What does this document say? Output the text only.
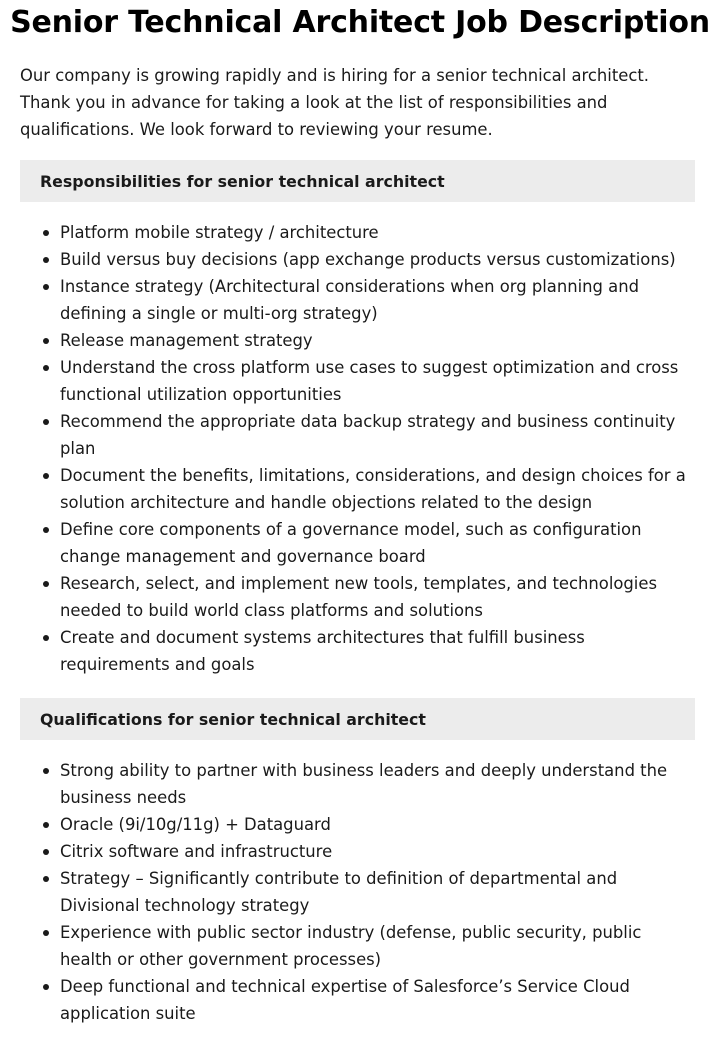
Senior Technical Architect Job Description

Our company is growing rapidly and is hiring for a senior technical architect. Thank you in advance for taking a look at the list of responsibilities and qualifications. We look forward to reviewing your resume.

Responsibilities for senior technical architect
Platform mobile strategy / architecture
Build versus buy decisions (app exchange products versus customizations)
Instance strategy (Architectural considerations when org planning and defining a single or multi-org strategy)
Release management strategy
Understand the cross platform use cases to suggest optimization and cross functional utilization opportunities
Recommend the appropriate data backup strategy and business continuity plan
Document the benefits, limitations, considerations, and design choices for a solution architecture and handle objections related to the design
Define core components of a governance model, such as configuration change management and governance board
Research, select, and implement new tools, templates, and technologies needed to build world class platforms and solutions
Create and document systems architectures that fulfill business requirements and goals
Qualifications for senior technical architect
Strong ability to partner with business leaders and deeply understand the business needs
Oracle (9i/10g/11g) + Dataguard
Citrix software and infrastructure
Strategy – Significantly contribute to definition of departmental and Divisional technology strategy
Experience with public sector industry (defense, public security, public health or other government processes)
Deep functional and technical expertise of Salesforce’s Service Cloud application suite
